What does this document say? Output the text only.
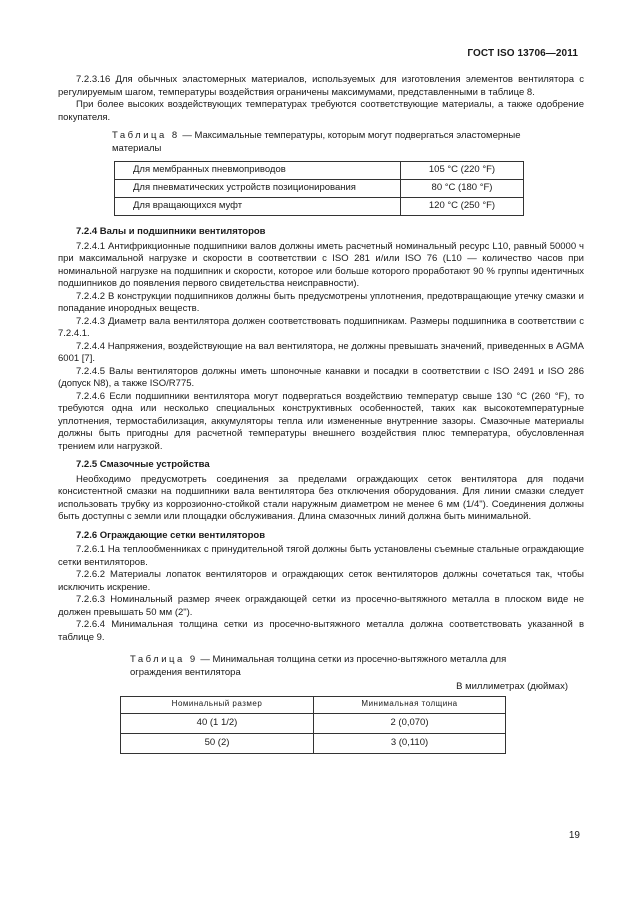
ГОСТ ISO 13706—2011

7.2.3.16 Для обычных эластомерных материалов, используемых для изготовления элементов вентилятора с регулируемым шагом, температуры воздействия ограничены максимумами, представленными в таблице 8.

При более высоких воздействующих температурах требуются соответствующие материалы, а также одобрение покупателя.

Таблица 8 — Максимальные температуры, которым могут подвергаться эластомерные материалы
Для мембранных пневмоприводов	105 °C (220 °F)
Для пневматических устройств позиционирования	80 °C (180 °F)
Для вращающихся муфт	120 °C (250 °F)

7.2.4 Валы и подшипники вентиляторов

7.2.4.1 Антифрикционные подшипники валов должны иметь расчетный номинальный ресурс L10, равный 50000 ч при максимальной нагрузке и скорости в соответствии с ISO 281 и/или ISO 76 (L10 — количество часов при номинальной нагрузке на подшипник и скорости, которое или больше которого проработают 90 % группы идентичных подшипников до появления первого свидетельства неисправности).

7.2.4.2 В конструкции подшипников должны быть предусмотрены уплотнения, предотвращающие утечку смазки и попадание инородных веществ.

7.2.4.3 Диаметр вала вентилятора должен соответствовать подшипникам. Размеры подшипника в соответствии с 7.2.4.1.

7.2.4.4 Напряжения, воздействующие на вал вентилятора, не должны превышать значений, приведенных в AGMA 6001 [7].

7.2.4.5 Валы вентиляторов должны иметь шпоночные канавки и посадки в соответствии с ISO 2491 и ISO 286 (допуск N8), а также ISO/R775.

7.2.4.6 Если подшипники вентилятора могут подвергаться воздействию температур свыше 130 °C (260 °F), то требуются одна или несколько специальных конструктивных особенностей, таких как высокотемпературные уплотнения, термостабилизация, аккумуляторы тепла или измененные внутренние зазоры. Смазочные материалы должны быть пригодны для расчетной температуры внешнего воздействия плюс температура, обусловленная трением или нагрузкой.

7.2.5 Смазочные устройства

Необходимо предусмотреть соединения за пределами ограждающих сеток вентилятора для подачи консистентной смазки на подшипники вала вентилятора без отключения оборудования. Для линии смазки следует использовать трубку из коррозионно-стойкой стали наружным диаметром не менее 6 мм (1/4"). Соединения должны быть доступны с земли или площадки обслуживания. Длина смазочных линий должна быть минимальной.

7.2.6 Ограждающие сетки вентиляторов

7.2.6.1 На теплообменниках с принудительной тягой должны быть установлены съемные стальные ограждающие сетки вентиляторов.

7.2.6.2 Материалы лопаток вентиляторов и ограждающих сеток вентиляторов должны сочетаться так, чтобы исключить искрение.

7.2.6.3 Номинальный размер ячеек ограждающей сетки из просечно-вытяжного металла в плоском виде не должен превышать 50 мм (2").

7.2.6.4 Минимальная толщина сетки из просечно-вытяжного металла должна соответствовать указанной в таблице 9.

Таблица 9 — Минимальная толщина сетки из просечно-вытяжного металла для ограждения вентилятора
В миллиметрах (дюймах)
Номинальный размер	Минимальная толщина
40 (1 1/2)	2 (0,070)
50 (2)	3 (0,110)
19
